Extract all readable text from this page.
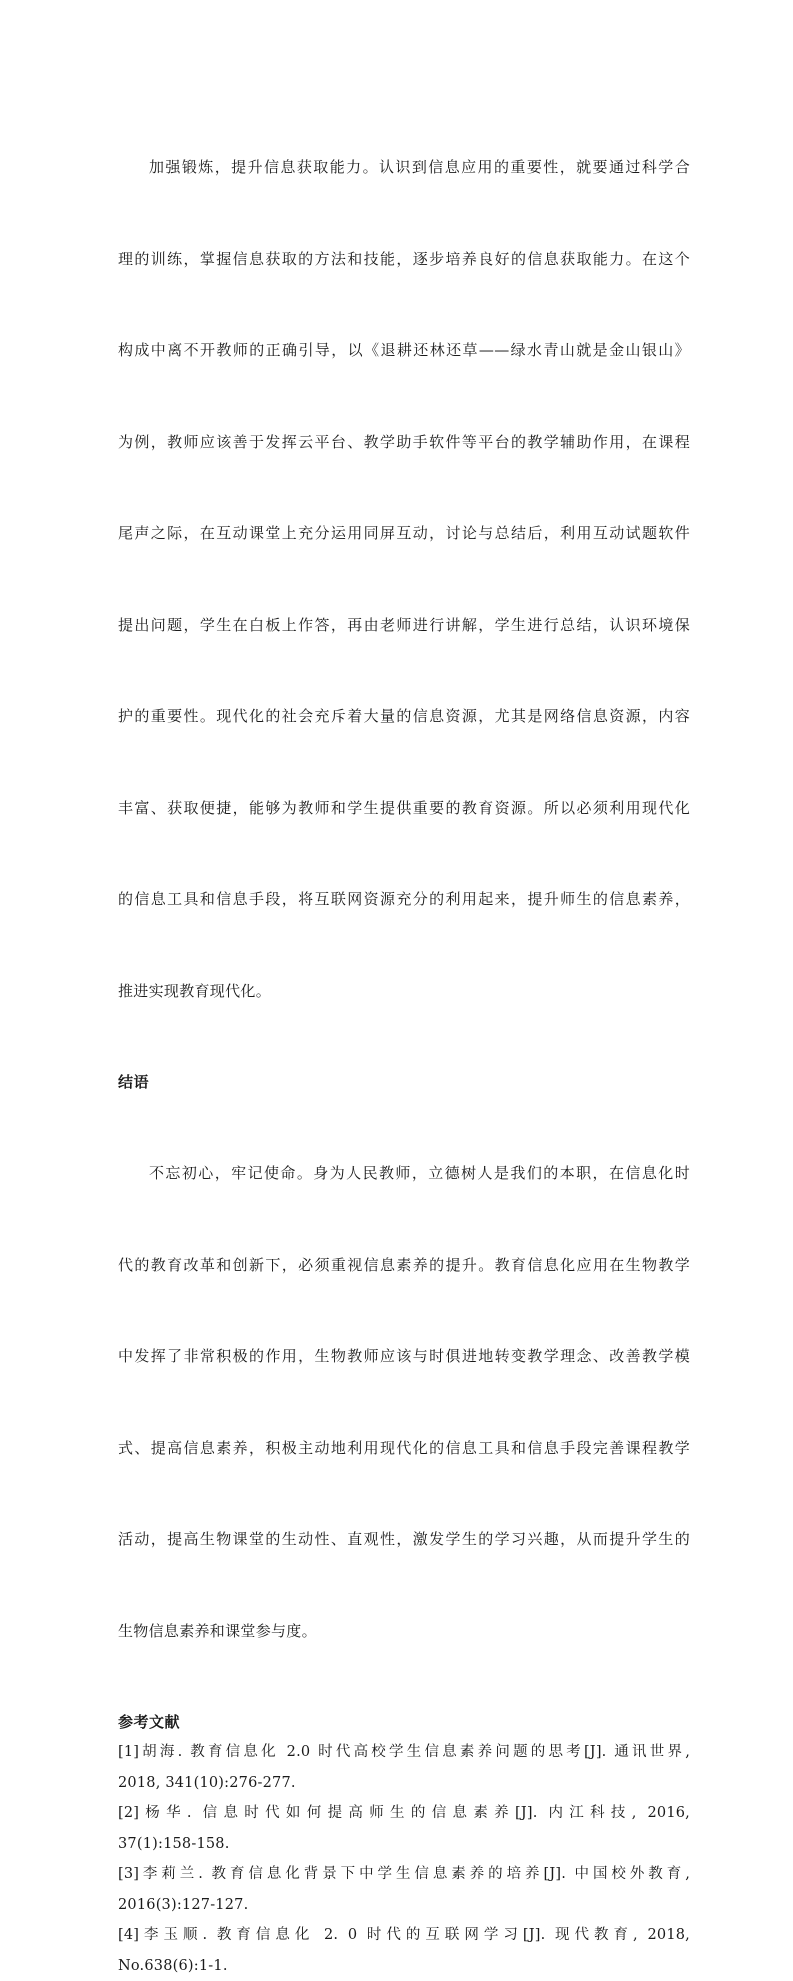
加强锻炼，提升信息获取能力。认识到信息应用的重要性，就要通过科学合

理的训练，掌握信息获取的方法和技能，逐步培养良好的信息获取能力。在这个

构成中离不开教师的正确引导，以《退耕还林还草——绿水青山就是金山银山》

为例，教师应该善于发挥云平台、教学助手软件等平台的教学辅助作用，在课程

尾声之际，在互动课堂上充分运用同屏互动，讨论与总结后，利用互动试题软件

提出问题，学生在白板上作答，再由老师进行讲解，学生进行总结，认识环境保

护的重要性。现代化的社会充斥着大量的信息资源，尤其是网络信息资源，内容

丰富、获取便捷，能够为教师和学生提供重要的教育资源。所以必须利用现代化

的信息工具和信息手段，将互联网资源充分的利用起来，提升师生的信息素养，

推进实现教育现代化。

结语

不忘初心，牢记使命。身为人民教师，立德树人是我们的本职，在信息化时

代的教育改革和创新下，必须重视信息素养的提升。教育信息化应用在生物教学

中发挥了非常积极的作用，生物教师应该与时俱进地转变教学理念、改善教学模

式、提高信息素养，积极主动地利用现代化的信息工具和信息手段完善课程教学

活动，提高生物课堂的生动性、直观性，激发学生的学习兴趣，从而提升学生的

生物信息素养和课堂参与度。

参考文献
[1]胡海. 教育信息化 2.0 时代高校学生信息素养问题的思考[J]. 通讯世界,
2018, 341(10):276-277.
[2]杨华. 信息时代如何提高师生的信息素养[J]. 内江科技, 2016,
37(1):158-158.
[3]李莉兰. 教育信息化背景下中学生信息素养的培养[J]. 中国校外教育,
2016(3):127-127.
[4]李玉顺. 教育信息化 2. 0 时代的互联网学习[J]. 现代教育, 2018,
No.638(6):1-1.
